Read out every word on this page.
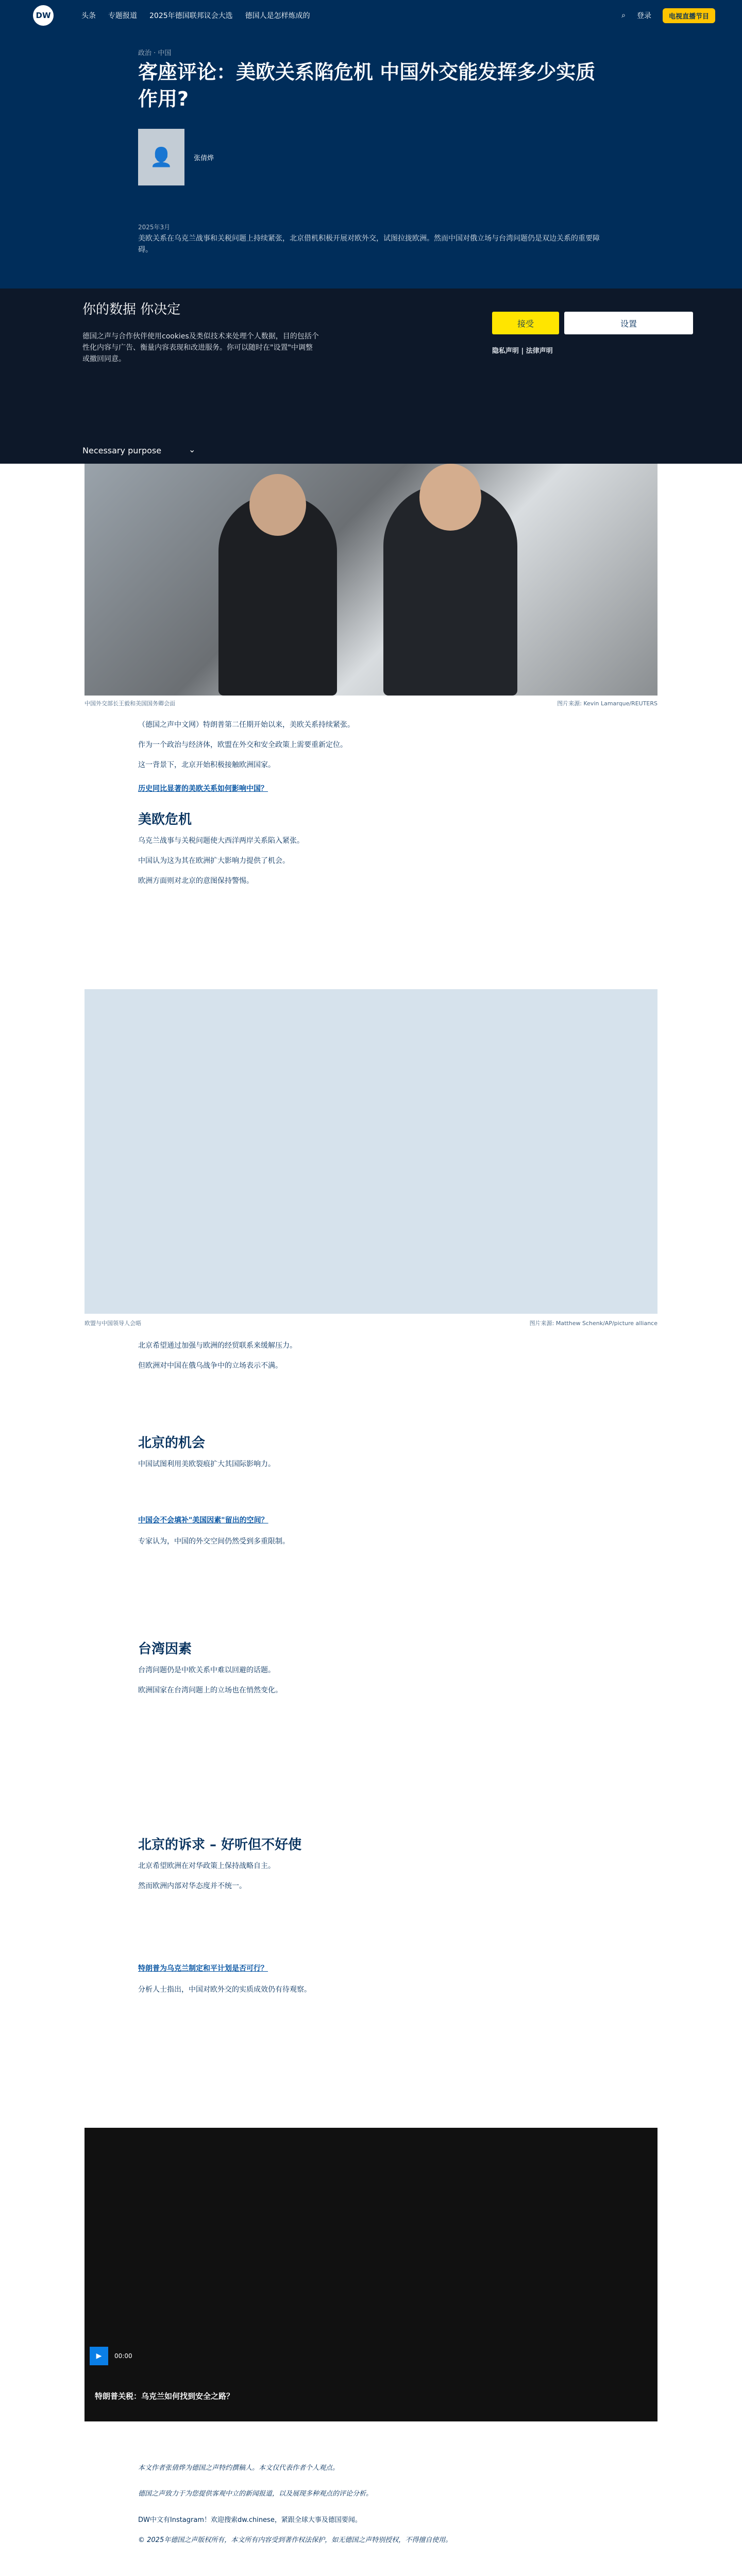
DW	头条 专题报道 2025年德国联邦议会大选 德国人是怎样炼成的	⌕ 登录	电视直播节目
政治 · 中国
客座评论：美欧关系陷危机 中国外交能发挥多少实质作用?
👤	张倩烨
2025年3月
美欧关系在乌克兰战事和关税问题上持续紧张，北京借机积极开展对欧外交，试图拉拢欧洲。然而中国对俄立场与台湾问题仍是双边关系的重要障碍。
你的数据 你决定
德国之声与合作伙伴使用cookies及类似技术来处理个人数据，目的包括个性化内容与广告、衡量内容表现和改进服务。你可以随时在"设置"中调整或撤回同意。
Necessary purpose	⌄
接受	设置
隐私声明 | 法律声明
中国外交部长王毅和美国国务卿会面	图片来源: Kevin Lamarque/REUTERS

（德国之声中文网）特朗普第二任期开始以来，美欧关系持续紧张。

作为一个政治与经济体，欧盟在外交和安全政策上需要重新定位。

这一背景下，北京开始积极接触欧洲国家。

历史同比显著的美欧关系如何影响中国？
美欧危机

乌克兰战事与关税问题使大西洋两岸关系陷入紧张。

中国认为这为其在欧洲扩大影响力提供了机会。

欧洲方面则对北京的意图保持警惕。

欧盟与中国领导人会晤	图片来源: Matthew Schenk/AP/picture alliance

北京希望通过加强与欧洲的经贸联系来缓解压力。

但欧洲对中国在俄乌战争中的立场表示不满。

北京的机会

中国试图利用美欧裂痕扩大其国际影响力。

中国会不会填补"美国因素"留出的空间？

专家认为，中国的外交空间仍然受到多重限制。

台湾因素

台湾问题仍是中欧关系中难以回避的话题。

欧洲国家在台湾问题上的立场也在悄然变化。

北京的诉求 – 好听但不好使

北京希望欧洲在对华政策上保持战略自主。

然而欧洲内部对华态度并不统一。

特朗普为乌克兰制定和平计划是否可行？

分析人士指出，中国对欧外交的实质成效仍有待观察。

▶	00:00
特朗普关税：乌克兰如何找到安全之路？
本文作者张倩烨为德国之声特约撰稿人。本文仅代表作者个人观点。
德国之声致力于为您提供客观中立的新闻报道，以及展现多种观点的评论分析。
DW中文有Instagram！欢迎搜索dw.chinese，紧跟全球大事及德国要闻。
© 2025年德国之声版权所有，本文所有内容受到著作权法保护，如无德国之声特别授权，不得擅自使用。
